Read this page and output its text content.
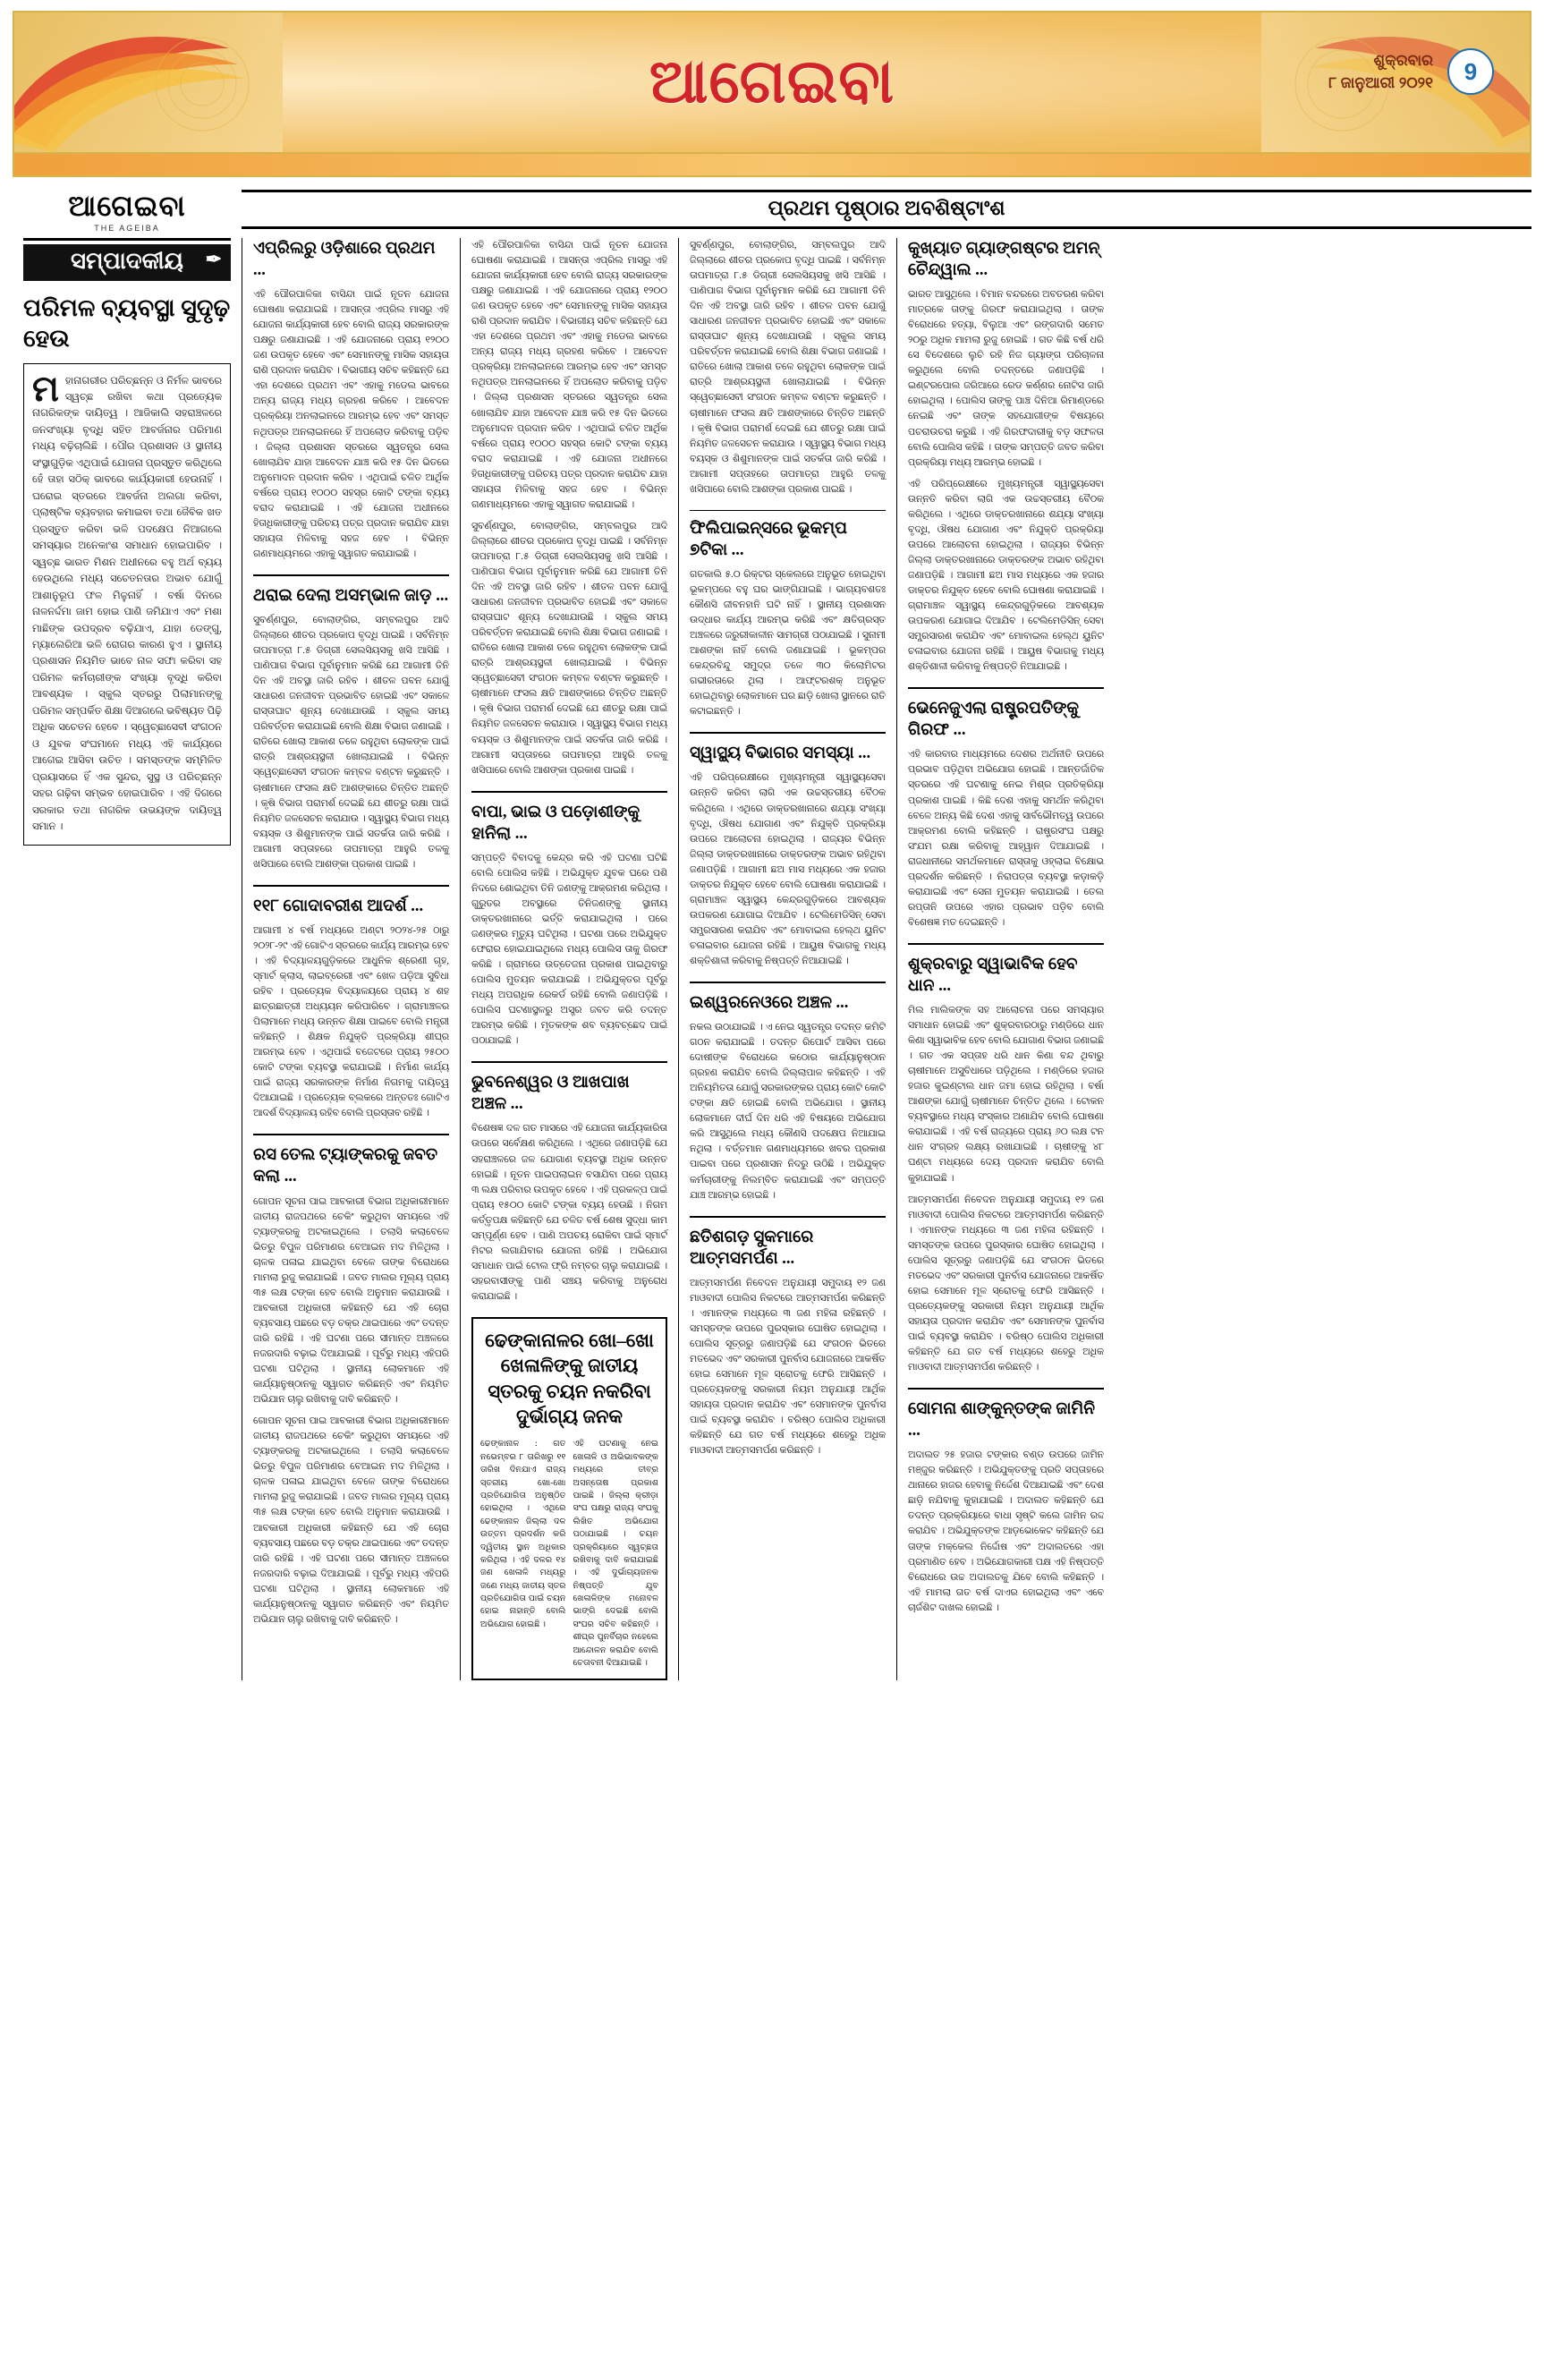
ଆଗେଇବା	ଶୁକ୍ରବାର
୮ ଜାନୁଆରୀ ୨୦୨୧	9
ଆଗେଇବା
THE AGEIBA
ସମ୍ପାଦକୀୟ ✒
ପରିମଳ ବ୍ୟବସ୍ଥା ସୁଦୃଢ଼ ହେଉ
ମହାନାଗରୀର ପରିଚ୍ଛନ୍ନ ଓ ନିର୍ମଳ ଭାବରେ ସ୍ୱଚ୍ଛ ରଖିବା କଥା ପ୍ରତ୍ୟେକ ନାଗରିକଙ୍କ ଦାୟିତ୍ୱ । ଆଜିକାଲି ସହରାଞ୍ଚଳରେ ଜନସଂଖ୍ୟା ବୃଦ୍ଧି ସହିତ ଆବର୍ଜନାର ପରିମାଣ ମଧ୍ୟ ବଢ଼ିଚାଲିଛି । ପୌର ପ୍ରଶାସନ ଓ ସ୍ଥାନୀୟ ସଂସ୍ଥାଗୁଡ଼ିକ ଏଥିପାଇଁ ଯୋଜନା ପ୍ରସ୍ତୁତ କରିଥିଲେ ହେଁ ତାହା ସଠିକ୍ ଭାବରେ କାର୍ଯ୍ୟକାରୀ ହେଉନାହିଁ । ଘରୋଇ ସ୍ତରରେ ଆବର୍ଜନା ଅଲଗା କରିବା, ପ୍ଲାଷ୍ଟିକ ବ୍ୟବହାର କମାଇବା ତଥା ଜୈବିକ ଖତ ପ୍ରସ୍ତୁତ କରିବା ଭଳି ପଦକ୍ଷେପ ନିଆଗଲେ ସମସ୍ୟାର ଅନେକାଂଶ ସମାଧାନ ହୋଇପାରିବ । ସ୍ୱଚ୍ଛ ଭାରତ ମିଶନ ଅଧୀନରେ ବହୁ ଅର୍ଥ ବ୍ୟୟ ହେଉଥିଲେ ମଧ୍ୟ ସଚେତନତାର ଅଭାବ ଯୋଗୁଁ ଆଶାନୁରୂପ ଫଳ ମିଳୁନାହିଁ । ବର୍ଷା ଦିନରେ ନାଳନର୍ଦ୍ଦମା ଜାମ ହୋଇ ପାଣି ଜମିଯାଏ ଏବଂ ମଶା ମାଛିଙ୍କ ଉପଦ୍ରବ ବଢ଼ିଯାଏ, ଯାହା ଡେଙ୍ଗୁ, ମ୍ୟାଲେରିଆ ଭଳି ରୋଗର କାରଣ ହୁଏ । ସ୍ଥାନୀୟ ପ୍ରଶାସନ ନିୟମିତ ଭାବେ ନାଳ ସଫା କରିବା ସହ ପରିମଳ କର୍ମଚାରୀଙ୍କ ସଂଖ୍ୟା ବୃଦ୍ଧି କରିବା ଆବଶ୍ୟକ । ସ୍କୁଲ ସ୍ତରରୁ ପିଲାମାନଙ୍କୁ ପରିମଳ ସମ୍ପର୍କିତ ଶିକ୍ଷା ଦିଆଗଲେ ଭବିଷ୍ୟତ ପିଢ଼ି ଅଧିକ ସଚେତନ ହେବେ । ସ୍ୱେଚ୍ଛାସେବୀ ସଂଗଠନ ଓ ଯୁବକ ସଂଘମାନେ ମଧ୍ୟ ଏହି କାର୍ଯ୍ୟରେ ଆଗେଇ ଆସିବା ଉଚିତ । ସମସ୍ତଙ୍କ ସମ୍ମିଳିତ ପ୍ରୟାସରେ ହିଁ ଏକ ସୁନ୍ଦର, ସୁସ୍ଥ ଓ ପରିଚ୍ଛନ୍ନ ସହର ଗଢ଼ିବା ସମ୍ଭବ ହୋଇପାରିବ । ଏହି ଦିଗରେ ସରକାର ତଥା ନାଗରିକ ଉଭୟଙ୍କ ଦାୟିତ୍ୱ ସମାନ ।
ପ୍ରଥମ ପୃଷ୍ଠାର ଅବଶିଷ୍ଟାଂଶ
ଏପ୍ରିଲରୁ ଓଡ଼ିଶାରେ ପ୍ରଥମ ...

ଏହି ପୌରପାଳିକା ବାସିନ୍ଦା ପାଇଁ ନୂତନ ଯୋଜନା ଘୋଷଣା କରାଯାଇଛି । ଆସନ୍ତା ଏପ୍ରିଲ ମାସରୁ ଏହି ଯୋଜନା କାର୍ଯ୍ୟକାରୀ ହେବ ବୋଲି ରାଜ୍ୟ ସରକାରଙ୍କ ପକ୍ଷରୁ ଜଣାଯାଇଛି । ଏହି ଯୋଜନାରେ ପ୍ରାୟ ୧୨୦୦ ଜଣ ଉପକୃତ ହେବେ ଏବଂ ସେମାନଙ୍କୁ ମାସିକ ସହାୟତା ରାଶି ପ୍ରଦାନ କରାଯିବ । ବିଭାଗୀୟ ସଚିବ କହିଛନ୍ତି ଯେ ଏହା ଦେଶରେ ପ୍ରଥମ ଏବଂ ଏହାକୁ ମଡେଲ ଭାବରେ ଅନ୍ୟ ରାଜ୍ୟ ମଧ୍ୟ ଗ୍ରହଣ କରିବେ । ଆବେଦନ ପ୍ରକ୍ରିୟା ଅନଲାଇନରେ ଆରମ୍ଭ ହେବ ଏବଂ ସମସ୍ତ ନଥିପତ୍ର ଅନଲାଇନରେ ହିଁ ଅପଲୋଡ କରିବାକୁ ପଡ଼ିବ । ଜିଲ୍ଲା ପ୍ରଶାସନ ସ୍ତରରେ ସ୍ୱତନ୍ତ୍ର ସେଲ ଖୋଲାଯିବ ଯାହା ଆବେଦନ ଯାଞ୍ଚ କରି ୧୫ ଦିନ ଭିତରେ ଅନୁମୋଦନ ପ୍ରଦାନ କରିବ । ଏଥିପାଇଁ ଚଳିତ ଆର୍ଥିକ ବର୍ଷରେ ପ୍ରାୟ ୧୦୦୦ ସହସ୍ର କୋଟି ଟଙ୍କା ବ୍ୟୟ ବରାଦ କରାଯାଇଛି । ଏହି ଯୋଜନା ଅଧୀନରେ ହିତାଧିକାରୀଙ୍କୁ ପରିଚୟ ପତ୍ର ପ୍ରଦାନ କରାଯିବ ଯାହା ସହାୟତା ମିଳିବାକୁ ସହଜ ହେବ । ବିଭିନ୍ନ ଗଣମାଧ୍ୟମରେ ଏହାକୁ ସ୍ୱାଗତ କରାଯାଇଛି ।

ଥରାଇ ଦେଲା ଅସମ୍ଭାଳ ଜାଡ଼ ...

ସୁବର୍ଣ୍ଣପୁର, ବୋଲାଙ୍ଗିର, ସମ୍ବଲପୁର ଆଦି ଜିଲ୍ଲାରେ ଶୀତର ପ୍ରକୋପ ବୃଦ୍ଧି ପାଇଛି । ସର୍ବନିମ୍ନ ତାପମାତ୍ରା ୮.୫ ଡିଗ୍ରୀ ସେଲସିୟସକୁ ଖସି ଆସିଛି । ପାଣିପାଗ ବିଭାଗ ପୂର୍ବାନୁମାନ କରିଛି ଯେ ଆଗାମୀ ତିନି ଦିନ ଏହି ଅବସ୍ଥା ଜାରି ରହିବ । ଶୀତଳ ପବନ ଯୋଗୁଁ ସାଧାରଣ ଜନଜୀବନ ପ୍ରଭାବିତ ହୋଇଛି ଏବଂ ସକାଳେ ରାସ୍ତାଘାଟ ଶୂନ୍ୟ ଦେଖାଯାଉଛି । ସ୍କୁଲ ସମୟ ପରିବର୍ତ୍ତନ କରାଯାଇଛି ବୋଲି ଶିକ୍ଷା ବିଭାଗ ଜଣାଇଛି । ରାତିରେ ଖୋଲା ଆକାଶ ତଳେ ରହୁଥିବା ଲୋକଙ୍କ ପାଇଁ ରାତ୍ରି ଆଶ୍ରୟସ୍ଥଳୀ ଖୋଲାଯାଇଛି । ବିଭିନ୍ନ ସ୍ୱେଚ୍ଛାସେବୀ ସଂଗଠନ କମ୍ବଳ ବଣ୍ଟନ କରୁଛନ୍ତି । ଚାଷୀମାନେ ଫସଲ କ୍ଷତି ଆଶଙ୍କାରେ ଚିନ୍ତିତ ଅଛନ୍ତି । କୃଷି ବିଭାଗ ପରାମର୍ଶ ଦେଇଛି ଯେ ଶୀତରୁ ରକ୍ଷା ପାଇଁ ନିୟମିତ ଜଳସେଚନ କରାଯାଉ । ସ୍ୱାସ୍ଥ୍ୟ ବିଭାଗ ମଧ୍ୟ ବୟସ୍କ ଓ ଶିଶୁମାନଙ୍କ ପାଇଁ ସତର୍କତା ଜାରି କରିଛି । ଆଗାମୀ ସପ୍ତାହରେ ତାପମାତ୍ରା ଆହୁରି ତଳକୁ ଖସିପାରେ ବୋଲି ଆଶଙ୍କା ପ୍ରକାଶ ପାଇଛି ।

୧୧୮ ଗୋଦାବରୀଶ ଆଦର୍ଶ ...

ଆଗାମୀ ୪ ବର୍ଷ ମଧ୍ୟରେ ଅଣ୍ଟା ୨୦୨୪-୨୫ ଠାରୁ ୨୦୨୮-୨୯ ଏହି ଗୋଟିଏ ସ୍ତରରେ କାର୍ଯ୍ୟ ଆରମ୍ଭ ହେବ । ଏହି ବିଦ୍ୟାଳୟଗୁଡ଼ିକରେ ଆଧୁନିକ ଶ୍ରେଣୀ ଗୃହ, ସ୍ମାର୍ଟ କ୍ଲାସ, ଲାଇବ୍ରେରୀ ଏବଂ ଖେଳ ପଡ଼ିଆ ସୁବିଧା ରହିବ । ପ୍ରତ୍ୟେକ ବିଦ୍ୟାଳୟରେ ପ୍ରାୟ ୪ ଶହ ଛାତ୍ରଛାତ୍ରୀ ଅଧ୍ୟୟନ କରିପାରିବେ । ଗ୍ରାମାଞ୍ଚଳର ପିଲାମାନେ ମଧ୍ୟ ଉନ୍ନତ ଶିକ୍ଷା ପାଇବେ ବୋଲି ମନ୍ତ୍ରୀ କହିଛନ୍ତି । ଶିକ୍ଷକ ନିଯୁକ୍ତି ପ୍ରକ୍ରିୟା ଶୀଘ୍ର ଆରମ୍ଭ ହେବ । ଏଥିପାଇଁ ବଜେଟରେ ପ୍ରାୟ ୨୫୦୦ କୋଟି ଟଙ୍କା ବ୍ୟବସ୍ଥା କରାଯାଇଛି । ନିର୍ମାଣ କାର୍ଯ୍ୟ ପାଇଁ ରାଜ୍ୟ ସରକାରଙ୍କ ନିର୍ମାଣ ନିଗମକୁ ଦାୟିତ୍ୱ ଦିଆଯାଇଛି । ପ୍ରତ୍ୟେକ ବ୍ଲକରେ ଅନ୍ତତଃ ଗୋଟିଏ ଆଦର୍ଶ ବିଦ୍ୟାଳୟ ରହିବ ବୋଲି ପ୍ରସ୍ତାବ ରହିଛି ।

ରସ ତେଲ ଟ୍ୟାଙ୍କରକୁ ଜବତ କଲା ...

ଗୋପନ ସୂଚନା ପାଇ ଆବକାରୀ ବିଭାଗ ଅଧିକାରୀମାନେ ଜାତୀୟ ରାଜପଥରେ ଚେକିଂ କରୁଥିବା ସମୟରେ ଏହି ଟ୍ୟାଙ୍କରକୁ ଅଟକାଇଥିଲେ । ତଲାସି କଲାବେଳେ ଭିତରୁ ବିପୁଳ ପରିମାଣର ବେଆଇନ ମଦ ମିଳିଥିଲା । ଚାଳକ ପଳାଇ ଯାଇଥିବା ବେଳେ ତାଙ୍କ ବିରୋଧରେ ମାମଲା ରୁଜୁ କରାଯାଇଛି । ଜବତ ମାଲର ମୂଲ୍ୟ ପ୍ରାୟ ୩୫ ଲକ୍ଷ ଟଙ୍କା ହେବ ବୋଲି ଅନୁମାନ କରାଯାଉଛି । ଆବକାରୀ ଅଧିକାରୀ କହିଛନ୍ତି ଯେ ଏହି ଚୋରା ବ୍ୟବସାୟ ପଛରେ ବଡ଼ ଚକ୍ର ଥାଇପାରେ ଏବଂ ତଦନ୍ତ ଜାରି ରହିଛି । ଏହି ଘଟଣା ପରେ ସୀମାନ୍ତ ଅଞ୍ଚଳରେ ନଜରଦାରି ବଢ଼ାଇ ଦିଆଯାଇଛି । ପୂର୍ବରୁ ମଧ୍ୟ ଏହିପରି ଘଟଣା ଘଟିଥିଲା । ସ୍ଥାନୀୟ ଲୋକମାନେ ଏହି କାର୍ଯ୍ୟାନୁଷ୍ଠାନକୁ ସ୍ୱାଗତ କରିଛନ୍ତି ଏବଂ ନିୟମିତ ଅଭିଯାନ ଚାଲୁ ରଖିବାକୁ ଦାବି କରିଛନ୍ତି ।

ଗୋପନ ସୂଚନା ପାଇ ଆବକାରୀ ବିଭାଗ ଅଧିକାରୀମାନେ ଜାତୀୟ ରାଜପଥରେ ଚେକିଂ କରୁଥିବା ସମୟରେ ଏହି ଟ୍ୟାଙ୍କରକୁ ଅଟକାଇଥିଲେ । ତଲାସି କଲାବେଳେ ଭିତରୁ ବିପୁଳ ପରିମାଣର ବେଆଇନ ମଦ ମିଳିଥିଲା । ଚାଳକ ପଳାଇ ଯାଇଥିବା ବେଳେ ତାଙ୍କ ବିରୋଧରେ ମାମଲା ରୁଜୁ କରାଯାଇଛି । ଜବତ ମାଲର ମୂଲ୍ୟ ପ୍ରାୟ ୩୫ ଲକ୍ଷ ଟଙ୍କା ହେବ ବୋଲି ଅନୁମାନ କରାଯାଉଛି । ଆବକାରୀ ଅଧିକାରୀ କହିଛନ୍ତି ଯେ ଏହି ଚୋରା ବ୍ୟବସାୟ ପଛରେ ବଡ଼ ଚକ୍ର ଥାଇପାରେ ଏବଂ ତଦନ୍ତ ଜାରି ରହିଛି । ଏହି ଘଟଣା ପରେ ସୀମାନ୍ତ ଅଞ୍ଚଳରେ ନଜରଦାରି ବଢ଼ାଇ ଦିଆଯାଇଛି । ପୂର୍ବରୁ ମଧ୍ୟ ଏହିପରି ଘଟଣା ଘଟିଥିଲା । ସ୍ଥାନୀୟ ଲୋକମାନେ ଏହି କାର୍ଯ୍ୟାନୁଷ୍ଠାନକୁ ସ୍ୱାଗତ କରିଛନ୍ତି ଏବଂ ନିୟମିତ ଅଭିଯାନ ଚାଲୁ ରଖିବାକୁ ଦାବି କରିଛନ୍ତି ।

ଏହି ପୌରପାଳିକା ବାସିନ୍ଦା ପାଇଁ ନୂତନ ଯୋଜନା ଘୋଷଣା କରାଯାଇଛି । ଆସନ୍ତା ଏପ୍ରିଲ ମାସରୁ ଏହି ଯୋଜନା କାର୍ଯ୍ୟକାରୀ ହେବ ବୋଲି ରାଜ୍ୟ ସରକାରଙ୍କ ପକ୍ଷରୁ ଜଣାଯାଇଛି । ଏହି ଯୋଜନାରେ ପ୍ରାୟ ୧୨୦୦ ଜଣ ଉପକୃତ ହେବେ ଏବଂ ସେମାନଙ୍କୁ ମାସିକ ସହାୟତା ରାଶି ପ୍ରଦାନ କରାଯିବ । ବିଭାଗୀୟ ସଚିବ କହିଛନ୍ତି ଯେ ଏହା ଦେଶରେ ପ୍ରଥମ ଏବଂ ଏହାକୁ ମଡେଲ ଭାବରେ ଅନ୍ୟ ରାଜ୍ୟ ମଧ୍ୟ ଗ୍ରହଣ କରିବେ । ଆବେଦନ ପ୍ରକ୍ରିୟା ଅନଲାଇନରେ ଆରମ୍ଭ ହେବ ଏବଂ ସମସ୍ତ ନଥିପତ୍ର ଅନଲାଇନରେ ହିଁ ଅପଲୋଡ କରିବାକୁ ପଡ଼ିବ । ଜିଲ୍ଲା ପ୍ରଶାସନ ସ୍ତରରେ ସ୍ୱତନ୍ତ୍ର ସେଲ ଖୋଲାଯିବ ଯାହା ଆବେଦନ ଯାଞ୍ଚ କରି ୧୫ ଦିନ ଭିତରେ ଅନୁମୋଦନ ପ୍ରଦାନ କରିବ । ଏଥିପାଇଁ ଚଳିତ ଆର୍ଥିକ ବର୍ଷରେ ପ୍ରାୟ ୧୦୦୦ ସହସ୍ର କୋଟି ଟଙ୍କା ବ୍ୟୟ ବରାଦ କରାଯାଇଛି । ଏହି ଯୋଜନା ଅଧୀନରେ ହିତାଧିକାରୀଙ୍କୁ ପରିଚୟ ପତ୍ର ପ୍ରଦାନ କରାଯିବ ଯାହା ସହାୟତା ମିଳିବାକୁ ସହଜ ହେବ । ବିଭିନ୍ନ ଗଣମାଧ୍ୟମରେ ଏହାକୁ ସ୍ୱାଗତ କରାଯାଇଛି ।

ସୁବର୍ଣ୍ଣପୁର, ବୋଲାଙ୍ଗିର, ସମ୍ବଲପୁର ଆଦି ଜିଲ୍ଲାରେ ଶୀତର ପ୍ରକୋପ ବୃଦ୍ଧି ପାଇଛି । ସର୍ବନିମ୍ନ ତାପମାତ୍ରା ୮.୫ ଡିଗ୍ରୀ ସେଲସିୟସକୁ ଖସି ଆସିଛି । ପାଣିପାଗ ବିଭାଗ ପୂର୍ବାନୁମାନ କରିଛି ଯେ ଆଗାମୀ ତିନି ଦିନ ଏହି ଅବସ୍ଥା ଜାରି ରହିବ । ଶୀତଳ ପବନ ଯୋଗୁଁ ସାଧାରଣ ଜନଜୀବନ ପ୍ରଭାବିତ ହୋଇଛି ଏବଂ ସକାଳେ ରାସ୍ତାଘାଟ ଶୂନ୍ୟ ଦେଖାଯାଉଛି । ସ୍କୁଲ ସମୟ ପରିବର୍ତ୍ତନ କରାଯାଇଛି ବୋଲି ଶିକ୍ଷା ବିଭାଗ ଜଣାଇଛି । ରାତିରେ ଖୋଲା ଆକାଶ ତଳେ ରହୁଥିବା ଲୋକଙ୍କ ପାଇଁ ରାତ୍ରି ଆଶ୍ରୟସ୍ଥଳୀ ଖୋଲାଯାଇଛି । ବିଭିନ୍ନ ସ୍ୱେଚ୍ଛାସେବୀ ସଂଗଠନ କମ୍ବଳ ବଣ୍ଟନ କରୁଛନ୍ତି । ଚାଷୀମାନେ ଫସଲ କ୍ଷତି ଆଶଙ୍କାରେ ଚିନ୍ତିତ ଅଛନ୍ତି । କୃଷି ବିଭାଗ ପରାମର୍ଶ ଦେଇଛି ଯେ ଶୀତରୁ ରକ୍ଷା ପାଇଁ ନିୟମିତ ଜଳସେଚନ କରାଯାଉ । ସ୍ୱାସ୍ଥ୍ୟ ବିଭାଗ ମଧ୍ୟ ବୟସ୍କ ଓ ଶିଶୁମାନଙ୍କ ପାଇଁ ସତର୍କତା ଜାରି କରିଛି । ଆଗାମୀ ସପ୍ତାହରେ ତାପମାତ୍ରା ଆହୁରି ତଳକୁ ଖସିପାରେ ବୋଲି ଆଶଙ୍କା ପ୍ରକାଶ ପାଇଛି ।

ବାପା, ଭାଇ ଓ ପଡ଼ୋଶୀଙ୍କୁ ହାନିଲା ...

ସମ୍ପତ୍ତି ବିବାଦକୁ କେନ୍ଦ୍ର କରି ଏହି ଘଟଣା ଘଟିଛି ବୋଲି ପୋଲିସ କହିଛି । ଅଭିଯୁକ୍ତ ଯୁବକ ଘରେ ପଶି ନିଦରେ ଶୋଇଥିବା ତିନି ଜଣଙ୍କୁ ଆକ୍ରମଣ କରିଥିଲା । ଗୁରୁତର ଅବସ୍ଥାରେ ତିନିଜଣଙ୍କୁ ସ୍ଥାନୀୟ ଡାକ୍ତରଖାନାରେ ଭର୍ତ୍ତି କରାଯାଇଥିଲା । ପରେ ଜଣଙ୍କର ମୃତ୍ୟୁ ଘଟିଥିଲା । ଘଟଣା ପରେ ଅଭିଯୁକ୍ତ ଫେରାର ହୋଇଯାଇଥିଲେ ମଧ୍ୟ ପୋଲିସ ତାକୁ ଗିରଫ କରିଛି । ଗ୍ରାମରେ ଉତ୍ତେଜନା ପ୍ରକାଶ ପାଇଥିବାରୁ ପୋଲିସ ମୁତୟନ କରାଯାଇଛି । ଅଭିଯୁକ୍ତର ପୂର୍ବରୁ ମଧ୍ୟ ଅପରାଧିକ ରେକର୍ଡ ରହିଛି ବୋଲି ଜଣାପଡ଼ିଛି । ପୋଲିସ ଘଟଣାସ୍ଥଳରୁ ଅସ୍ତ୍ର ଜବତ କରି ତଦନ୍ତ ଆରମ୍ଭ କରିଛି । ମୃତକଙ୍କ ଶବ ବ୍ୟବଚ୍ଛେଦ ପାଇଁ ପଠାଯାଇଛି ।

ଭୁବନେଶ୍ୱର ଓ ଆଖପାଖ ଅଞ୍ଚଳ ...

ବିଶେଷଜ୍ଞ ଦଳ ଗତ ମାସରେ ଏହି ଯୋଜନା କାର୍ଯ୍ୟକାରିତା ଉପରେ ସର୍ବେକ୍ଷଣ କରିଥିଲେ । ଏଥିରେ ଜଣାପଡ଼ିଛି ଯେ ସହରାଞ୍ଚଳରେ ଜଳ ଯୋଗାଣ ବ୍ୟବସ୍ଥା ଅଧିକ ଉନ୍ନତ ହୋଇଛି । ନୂତନ ପାଇପଲାଇନ ବସାଯିବା ପରେ ପ୍ରାୟ ୩ ଲକ୍ଷ ପରିବାର ଉପକୃତ ହେବେ । ଏହି ପ୍ରକଳ୍ପ ପାଇଁ ପ୍ରାୟ ୧୫୦୦ କୋଟି ଟଙ୍କା ବ୍ୟୟ ହେଉଛି । ନିଗମ କର୍ତ୍ତୃପକ୍ଷ କହିଛନ୍ତି ଯେ ଚଳିତ ବର୍ଷ ଶେଷ ସୁଦ୍ଧା କାମ ସମ୍ପୂର୍ଣ୍ଣ ହେବ । ପାଣି ଅପଚୟ ରୋକିବା ପାଇଁ ସ୍ମାର୍ଟ ମିଟର ଲଗାଯିବାର ଯୋଜନା ରହିଛି । ଅଭିଯୋଗ ସମାଧାନ ପାଇଁ ଟୋଲ ଫ୍ରି ନମ୍ବର ଚାଲୁ କରାଯାଇଛି । ସହରବାସୀଙ୍କୁ ପାଣି ସଞ୍ଚୟ କରିବାକୁ ଅନୁରୋଧ କରାଯାଇଛି ।

ଢେଙ୍କାନାଳର ଖୋ–ଖୋ ଖେଳାଳିଙ୍କୁ ଜାତୀୟ ସ୍ତରକୁ ଚୟନ ନକରିବା ଦୁର୍ଭାଗ୍ୟ ଜନକ

ଢେଙ୍କାନାଳ : ଗତ ନଭେମ୍ବର ୮ ତାରିଖରୁ ୧୧ ତାରିଖ ଦିନଯାଏ ରାଜ୍ୟ ସ୍ତରୀୟ ଖୋ-ଖୋ ପ୍ରତିଯୋଗିତା ଅନୁଷ୍ଠିତ ହୋଇଥିଲା । ଏଥିରେ ଢେଙ୍କାନାଳ ଜିଲ୍ଲା ଦଳ ଉତ୍ତମ ପ୍ରଦର୍ଶନ କରି ଦ୍ୱିତୀୟ ସ୍ଥାନ ଅଧିକାର କରିଥିଲା । ଏହି ଦଳର ୧୪ ଜଣ ଖେଳାଳି ମଧ୍ୟରୁ ଜଣେ ମଧ୍ୟ ଜାତୀୟ ସ୍ତର ପ୍ରତିଯୋଗିତା ପାଇଁ ଚୟନ ହୋଇ ନାହାନ୍ତି ବୋଲି ଅଭିଯୋଗ ହୋଇଛି ।

ଏହି ଘଟଣାକୁ ନେଇ ଖେଳାଳି ଓ ଅଭିଭାବକଙ୍କ ମଧ୍ୟରେ ତୀବ୍ର ଅସନ୍ତୋଷ ପ୍ରକାଶ ପାଇଛି । ଜିଲ୍ଲା କ୍ରୀଡ଼ା ସଂଘ ପକ୍ଷରୁ ରାଜ୍ୟ ସଂଘକୁ ଲିଖିତ ଅଭିଯୋଗ ପଠାଯାଇଛି । ଚୟନ ପ୍ରକ୍ରିୟାରେ ସ୍ୱଚ୍ଛତା ରଖିବାକୁ ଦାବି କରାଯାଇଛି । ଏହି ଦୁର୍ଭାଗ୍ୟଜନକ ନିଷ୍ପତ୍ତି ଯୁବ ଖେଳାଳିଙ୍କ ମନୋବଳ ଭାଙ୍ଗି ଦେଇଛି ବୋଲି ସଂଘର ସଚିବ କହିଛନ୍ତି । ଶୀଘ୍ର ପୁନର୍ବିଚାର ନହେଲେ ଆନ୍ଦୋଳନ କରାଯିବ ବୋଲି ଚେତାବନୀ ଦିଆଯାଇଛି ।

ସୁବର୍ଣ୍ଣପୁର, ବୋଲାଙ୍ଗିର, ସମ୍ବଲପୁର ଆଦି ଜିଲ୍ଲାରେ ଶୀତର ପ୍ରକୋପ ବୃଦ୍ଧି ପାଇଛି । ସର୍ବନିମ୍ନ ତାପମାତ୍ରା ୮.୫ ଡିଗ୍ରୀ ସେଲସିୟସକୁ ଖସି ଆସିଛି । ପାଣିପାଗ ବିଭାଗ ପୂର୍ବାନୁମାନ କରିଛି ଯେ ଆଗାମୀ ତିନି ଦିନ ଏହି ଅବସ୍ଥା ଜାରି ରହିବ । ଶୀତଳ ପବନ ଯୋଗୁଁ ସାଧାରଣ ଜନଜୀବନ ପ୍ରଭାବିତ ହୋଇଛି ଏବଂ ସକାଳେ ରାସ୍ତାଘାଟ ଶୂନ୍ୟ ଦେଖାଯାଉଛି । ସ୍କୁଲ ସମୟ ପରିବର୍ତ୍ତନ କରାଯାଇଛି ବୋଲି ଶିକ୍ଷା ବିଭାଗ ଜଣାଇଛି । ରାତିରେ ଖୋଲା ଆକାଶ ତଳେ ରହୁଥିବା ଲୋକଙ୍କ ପାଇଁ ରାତ୍ରି ଆଶ୍ରୟସ୍ଥଳୀ ଖୋଲାଯାଇଛି । ବିଭିନ୍ନ ସ୍ୱେଚ୍ଛାସେବୀ ସଂଗଠନ କମ୍ବଳ ବଣ୍ଟନ କରୁଛନ୍ତି । ଚାଷୀମାନେ ଫସଲ କ୍ଷତି ଆଶଙ୍କାରେ ଚିନ୍ତିତ ଅଛନ୍ତି । କୃଷି ବିଭାଗ ପରାମର୍ଶ ଦେଇଛି ଯେ ଶୀତରୁ ରକ୍ଷା ପାଇଁ ନିୟମିତ ଜଳସେଚନ କରାଯାଉ । ସ୍ୱାସ୍ଥ୍ୟ ବିଭାଗ ମଧ୍ୟ ବୟସ୍କ ଓ ଶିଶୁମାନଙ୍କ ପାଇଁ ସତର୍କତା ଜାରି କରିଛି । ଆଗାମୀ ସପ୍ତାହରେ ତାପମାତ୍ରା ଆହୁରି ତଳକୁ ଖସିପାରେ ବୋଲି ଆଶଙ୍କା ପ୍ରକାଶ ପାଇଛି ।

ଫିଲିପାଇନ୍ସରେ ଭୂକମ୍ପ ୭ଟିକା ...

ଗତକାଲି ୫.୦ ରିକ୍ଟର ସ୍କେଲରେ ଅନୁଭୂତ ହୋଇଥିବା ଭୂକମ୍ପରେ ବହୁ ଘର ଭାଙ୍ଗିଯାଇଛି । ଭାଗ୍ୟବଶତଃ କୌଣସି ଜୀବନହାନି ଘଟି ନାହିଁ । ସ୍ଥାନୀୟ ପ୍ରଶାସନ ଉଦ୍ଧାର କାର୍ଯ୍ୟ ଆରମ୍ଭ କରିଛି ଏବଂ କ୍ଷତିଗ୍ରସ୍ତ ଅଞ୍ଚଳରେ ଜରୁରୀକାଳୀନ ସାମଗ୍ରୀ ପଠାଯାଇଛି । ସୁନାମୀ ଆଶଙ୍କା ନାହିଁ ବୋଲି ଜଣାଯାଇଛି । ଭୂକମ୍ପର କେନ୍ଦ୍ରବିନ୍ଦୁ ସମୁଦ୍ର ତଳେ ୩୦ କିଲୋମିଟର ଗଭୀରତାରେ ଥିଲା । ଆଫ୍ଟରଶକ୍ ଅନୁଭୂତ ହୋଇଥିବାରୁ ଲୋକମାନେ ଘର ଛାଡ଼ି ଖୋଲା ସ୍ଥାନରେ ରାତି କଟାଇଛନ୍ତି ।

ସ୍ୱାସ୍ଥ୍ୟ ବିଭାଗର ସମସ୍ୟା ...

ଏହି ପରିପ୍ରେକ୍ଷୀରେ ମୁଖ୍ୟମନ୍ତ୍ରୀ ସ୍ୱାସ୍ଥ୍ୟସେବା ଉନ୍ନତି କରିବା ଲାଗି ଏକ ଉଚ୍ଚସ୍ତରୀୟ ବୈଠକ କରିଥିଲେ । ଏଥିରେ ଡାକ୍ତରଖାନାରେ ଶଯ୍ୟା ସଂଖ୍ୟା ବୃଦ୍ଧି, ଔଷଧ ଯୋଗାଣ ଏବଂ ନିଯୁକ୍ତି ପ୍ରକ୍ରିୟା ଉପରେ ଆଲୋଚନା ହୋଇଥିଲା । ରାଜ୍ୟର ବିଭିନ୍ନ ଜିଲ୍ଲା ଡାକ୍ତରଖାନାରେ ଡାକ୍ତରଙ୍କ ଅଭାବ ରହିଥିବା ଜଣାପଡ଼ିଛି । ଆଗାମୀ ଛଅ ମାସ ମଧ୍ୟରେ ଏକ ହଜାର ଡାକ୍ତର ନିଯୁକ୍ତ ହେବେ ବୋଲି ଘୋଷଣା କରାଯାଇଛି । ଗ୍ରାମାଞ୍ଚଳ ସ୍ୱାସ୍ଥ୍ୟ କେନ୍ଦ୍ରଗୁଡ଼ିକରେ ଆବଶ୍ୟକ ଉପକରଣ ଯୋଗାଇ ଦିଆଯିବ । ଟେଲିମେଡିସିନ୍ ସେବା ସମ୍ପ୍ରସାରଣ କରାଯିବ ଏବଂ ମୋବାଇଲ ହେଲ୍ଥ ୟୁନିଟ ଚଳାଇବାର ଯୋଜନା ରହିଛି । ଆୟୁଷ ବିଭାଗକୁ ମଧ୍ୟ ଶକ୍ତିଶାଳୀ କରିବାକୁ ନିଷ୍ପତ୍ତି ନିଆଯାଇଛି ।

ଇଶ୍ୱରନେଓରେ ଅଞ୍ଚଳ ...

ନକଲ ଉଠାଯାଇଛି । ଏ ନେଇ ସ୍ୱତନ୍ତ୍ର ତଦନ୍ତ କମିଟି ଗଠନ କରାଯାଇଛି । ତଦନ୍ତ ରିପୋର୍ଟ ଆସିବା ପରେ ଦୋଷୀଙ୍କ ବିରୋଧରେ କଠୋର କାର୍ଯ୍ୟାନୁଷ୍ଠାନ ଗ୍ରହଣ କରାଯିବ ବୋଲି ଜିଲ୍ଲାପାଳ କହିଛନ୍ତି । ଏହି ଅନିୟମିତତା ଯୋଗୁଁ ସରକାରଙ୍କର ପ୍ରାୟ କୋଟି କୋଟି ଟଙ୍କା କ୍ଷତି ହୋଇଛି ବୋଲି ଅଭିଯୋଗ । ସ୍ଥାନୀୟ ଲୋକମାନେ ଦୀର୍ଘ ଦିନ ଧରି ଏହି ବିଷୟରେ ଅଭିଯୋଗ କରି ଆସୁଥିଲେ ମଧ୍ୟ କୌଣସି ପଦକ୍ଷେପ ନିଆଯାଇ ନଥିଲା । ବର୍ତ୍ତମାନ ଗଣମାଧ୍ୟମରେ ଖବର ପ୍ରକାଶ ପାଇବା ପରେ ପ୍ରଶାସନ ନିଦରୁ ଉଠିଛି । ଅଭିଯୁକ୍ତ କର୍ମଚାରୀଙ୍କୁ ନିଲମ୍ବିତ କରାଯାଇଛି ଏବଂ ସମ୍ପତ୍ତି ଯାଞ୍ଚ ଆରମ୍ଭ ହୋଇଛି ।

ଛତିଶଗଡ଼ ସୁକମାରେ ଆତ୍ମସମର୍ପଣ ...

ଆତ୍ମସମର୍ପଣ ନିବେଦନ ଅନୁଯାୟୀ ସମୁଦାୟ ୧୨ ଜଣ ମାଓବାଦୀ ପୋଲିସ ନିକଟରେ ଆତ୍ମସମର୍ପଣ କରିଛନ୍ତି । ଏମାନଙ୍କ ମଧ୍ୟରେ ୩ ଜଣ ମହିଳା ରହିଛନ୍ତି । ସମସ୍ତଙ୍କ ଉପରେ ପୁରସ୍କାର ଘୋଷିତ ହୋଇଥିଲା । ପୋଲିସ ସୂତ୍ରରୁ ଜଣାପଡ଼ିଛି ଯେ ସଂଗଠନ ଭିତରେ ମତଭେଦ ଏବଂ ସରକାରୀ ପୁନର୍ବାସ ଯୋଜନାରେ ଆକର୍ଷିତ ହୋଇ ସେମାନେ ମୂଳ ସ୍ରୋତକୁ ଫେରି ଆସିଛନ୍ତି । ପ୍ରତ୍ୟେକଙ୍କୁ ସରକାରୀ ନିୟମ ଅନୁଯାୟୀ ଆର୍ଥିକ ସହାୟତା ପ୍ରଦାନ କରାଯିବ ଏବଂ ସେମାନଙ୍କ ପୁନର୍ବାସ ପାଇଁ ବ୍ୟବସ୍ଥା କରାଯିବ । ବରିଷ୍ଠ ପୋଲିସ ଅଧିକାରୀ କହିଛନ୍ତି ଯେ ଗତ ବର୍ଷ ମଧ୍ୟରେ ଶହେରୁ ଅଧିକ ମାଓବାଦୀ ଆତ୍ମସମର୍ପଣ କରିଛନ୍ତି ।

କୁଖ୍ୟାତ ଗ୍ୟାଙ୍ଗଷ୍ଟର ଅମନ୍ ଚୈନ୍ଦ୍ୱାଲ ...

ଭାରତ ଆସୁଥିଲେ । ବିମାନ ବନ୍ଦରରେ ଅବତରଣ କରିବା ମାତ୍ରକେ ତାଙ୍କୁ ଗିରଫ କରାଯାଇଥିଲା । ତାଙ୍କ ବିରୋଧରେ ହତ୍ୟା, ବିଲୁଆ ଏବଂ ରଙ୍ଗଦାରି ସମେତ ୨୦ରୁ ଅଧିକ ମାମଲା ରୁଜୁ ହୋଇଛି । ଗତ କିଛି ବର୍ଷ ଧରି ସେ ବିଦେଶରେ ଲୁଚି ରହି ନିଜ ଗ୍ୟାଙ୍ଗ ପରିଚାଳନା କରୁଥିଲେ ବୋଲି ତଦନ୍ତରେ ଜଣାପଡ଼ିଛି । ଇଣ୍ଟରପୋଲ ଜରିଆରେ ରେଡ କର୍ଣ୍ଣର ନୋଟିସ ଜାରି ହୋଇଥିଲା । ପୋଲିସ ତାଙ୍କୁ ପାଞ୍ଚ ଦିନିଆ ରିମାଣ୍ଡରେ ନେଇଛି ଏବଂ ତାଙ୍କ ସହଯୋଗୀଙ୍କ ବିଷୟରେ ପଚରାଉଚରା କରୁଛି । ଏହି ଗିରଫଦାରୀକୁ ବଡ଼ ସଫଳତା ବୋଲି ପୋଲିସ କହିଛି । ତାଙ୍କ ସମ୍ପତ୍ତି ଜବତ କରିବା ପ୍ରକ୍ରିୟା ମଧ୍ୟ ଆରମ୍ଭ ହୋଇଛି ।

ଏହି ପରିପ୍ରେକ୍ଷୀରେ ମୁଖ୍ୟମନ୍ତ୍ରୀ ସ୍ୱାସ୍ଥ୍ୟସେବା ଉନ୍ନତି କରିବା ଲାଗି ଏକ ଉଚ୍ଚସ୍ତରୀୟ ବୈଠକ କରିଥିଲେ । ଏଥିରେ ଡାକ୍ତରଖାନାରେ ଶଯ୍ୟା ସଂଖ୍ୟା ବୃଦ୍ଧି, ଔଷଧ ଯୋଗାଣ ଏବଂ ନିଯୁକ୍ତି ପ୍ରକ୍ରିୟା ଉପରେ ଆଲୋଚନା ହୋଇଥିଲା । ରାଜ୍ୟର ବିଭିନ୍ନ ଜିଲ୍ଲା ଡାକ୍ତରଖାନାରେ ଡାକ୍ତରଙ୍କ ଅଭାବ ରହିଥିବା ଜଣାପଡ଼ିଛି । ଆଗାମୀ ଛଅ ମାସ ମଧ୍ୟରେ ଏକ ହଜାର ଡାକ୍ତର ନିଯୁକ୍ତ ହେବେ ବୋଲି ଘୋଷଣା କରାଯାଇଛି । ଗ୍ରାମାଞ୍ଚଳ ସ୍ୱାସ୍ଥ୍ୟ କେନ୍ଦ୍ରଗୁଡ଼ିକରେ ଆବଶ୍ୟକ ଉପକରଣ ଯୋଗାଇ ଦିଆଯିବ । ଟେଲିମେଡିସିନ୍ ସେବା ସମ୍ପ୍ରସାରଣ କରାଯିବ ଏବଂ ମୋବାଇଲ ହେଲ୍ଥ ୟୁନିଟ ଚଳାଇବାର ଯୋଜନା ରହିଛି । ଆୟୁଷ ବିଭାଗକୁ ମଧ୍ୟ ଶକ୍ତିଶାଳୀ କରିବାକୁ ନିଷ୍ପତ୍ତି ନିଆଯାଇଛି ।

ଭେନେଜୁଏଲା ରାଷ୍ଟ୍ରପତିଙ୍କୁ ଗିରଫ ...

ଏହି କାରବାର ମାଧ୍ୟମରେ ଦେଶର ଅର୍ଥନୀତି ଉପରେ ପ୍ରଭାବ ପଡ଼ିଥିବା ଅଭିଯୋଗ ହୋଇଛି । ଆନ୍ତର୍ଜାତିକ ସ୍ତରରେ ଏହି ଘଟଣାକୁ ନେଇ ମିଶ୍ର ପ୍ରତିକ୍ରିୟା ପ୍ରକାଶ ପାଇଛି । କିଛି ଦେଶ ଏହାକୁ ସମର୍ଥନ କରିଥିବା ବେଳେ ଅନ୍ୟ କିଛି ଦେଶ ଏହାକୁ ସାର୍ବଭୌମତ୍ୱ ଉପରେ ଆକ୍ରମଣ ବୋଲି କହିଛନ୍ତି । ରାଷ୍ଟ୍ରସଂଘ ପକ୍ଷରୁ ସଂଯମ ରକ୍ଷା କରିବାକୁ ଆହ୍ୱାନ ଦିଆଯାଇଛି । ରାଜଧାନୀରେ ସମର୍ଥକମାନେ ରାସ୍ତାକୁ ଓହ୍ଲାଇ ବିକ୍ଷୋଭ ପ୍ରଦର୍ଶନ କରିଛନ୍ତି । ନିରାପତ୍ତା ବ୍ୟବସ୍ଥା କଡ଼ାକଡ଼ି କରାଯାଇଛି ଏବଂ ସେନା ମୁତୟନ କରାଯାଇଛି । ତେଲ ରପ୍ତାନି ଉପରେ ଏହାର ପ୍ରଭାବ ପଡ଼ିବ ବୋଲି ବିଶେଷଜ୍ଞ ମତ ଦେଇଛନ୍ତି ।

ଶୁକ୍ରବାରୁ ସ୍ୱାଭାବିକ ହେବ ଧାନ ...

ମିଲ ମାଲିକଙ୍କ ସହ ଆଲୋଚନା ପରେ ସମସ୍ୟାର ସମାଧାନ ହୋଇଛି ଏବଂ ଶୁକ୍ରବାରଠାରୁ ମଣ୍ଡିରେ ଧାନ କିଣା ସ୍ୱାଭାବିକ ହେବ ବୋଲି ଯୋଗାଣ ବିଭାଗ ଜଣାଇଛି । ଗତ ଏକ ସପ୍ତାହ ଧରି ଧାନ କିଣା ବନ୍ଦ ଥିବାରୁ ଚାଷୀମାନେ ଅସୁବିଧାରେ ପଡ଼ିଥିଲେ । ମଣ୍ଡିରେ ହଜାର ହଜାର କୁଇଣ୍ଟାଲ ଧାନ ଜମା ହୋଇ ରହିଥିଲା । ବର୍ଷା ଆଶଙ୍କା ଯୋଗୁଁ ଚାଷୀମାନେ ଚିନ୍ତିତ ଥିଲେ । ଟୋକନ ବ୍ୟବସ୍ଥାରେ ମଧ୍ୟ ସଂସ୍କାର ଅଣାଯିବ ବୋଲି ଘୋଷଣା କରାଯାଇଛି । ଏହି ବର୍ଷ ରାଜ୍ୟରେ ପ୍ରାୟ ୬୦ ଲକ୍ଷ ଟନ ଧାନ ସଂଗ୍ରହ ଲକ୍ଷ୍ୟ ରଖାଯାଇଛି । ଚାଷୀଙ୍କୁ ୪୮ ଘଣ୍ଟା ମଧ୍ୟରେ ଦେୟ ପ୍ରଦାନ କରାଯିବ ବୋଲି କୁହାଯାଇଛି ।

ଆତ୍ମସମର୍ପଣ ନିବେଦନ ଅନୁଯାୟୀ ସମୁଦାୟ ୧୨ ଜଣ ମାଓବାଦୀ ପୋଲିସ ନିକଟରେ ଆତ୍ମସମର୍ପଣ କରିଛନ୍ତି । ଏମାନଙ୍କ ମଧ୍ୟରେ ୩ ଜଣ ମହିଳା ରହିଛନ୍ତି । ସମସ୍ତଙ୍କ ଉପରେ ପୁରସ୍କାର ଘୋଷିତ ହୋଇଥିଲା । ପୋଲିସ ସୂତ୍ରରୁ ଜଣାପଡ଼ିଛି ଯେ ସଂଗଠନ ଭିତରେ ମତଭେଦ ଏବଂ ସରକାରୀ ପୁନର୍ବାସ ଯୋଜନାରେ ଆକର୍ଷିତ ହୋଇ ସେମାନେ ମୂଳ ସ୍ରୋତକୁ ଫେରି ଆସିଛନ୍ତି । ପ୍ରତ୍ୟେକଙ୍କୁ ସରକାରୀ ନିୟମ ଅନୁଯାୟୀ ଆର୍ଥିକ ସହାୟତା ପ୍ରଦାନ କରାଯିବ ଏବଂ ସେମାନଙ୍କ ପୁନର୍ବାସ ପାଇଁ ବ୍ୟବସ୍ଥା କରାଯିବ । ବରିଷ୍ଠ ପୋଲିସ ଅଧିକାରୀ କହିଛନ୍ତି ଯେ ଗତ ବର୍ଷ ମଧ୍ୟରେ ଶହେରୁ ଅଧିକ ମାଓବାଦୀ ଆତ୍ମସମର୍ପଣ କରିଛନ୍ତି ।

ସୋମନା ଶାଙ୍କୁନ୍ତଙ୍କ ଜାମିନି ...

ଅଦାଲତ ୨୫ ହଜାର ଟଙ୍କାର ବଣ୍ଡ ଉପରେ ଜାମିନ ମଞ୍ଜୁର କରିଛନ୍ତି । ଅଭିଯୁକ୍ତଙ୍କୁ ପ୍ରତି ସପ୍ତାହରେ ଥାନାରେ ହାଜର ହେବାକୁ ନିର୍ଦ୍ଦେଶ ଦିଆଯାଇଛି ଏବଂ ଦେଶ ଛାଡ଼ି ନଯିବାକୁ କୁହାଯାଇଛି । ଅଦାଲତ କହିଛନ୍ତି ଯେ ତଦନ୍ତ ପ୍ରକ୍ରିୟାରେ ବାଧା ସୃଷ୍ଟି କଲେ ଜାମିନ ରଦ୍ଦ କରାଯିବ । ଅଭିଯୁକ୍ତଙ୍କ ଆଡ଼ଭୋକେଟ କହିଛନ୍ତି ଯେ ତାଙ୍କ ମକ୍କେଲ ନିର୍ଦ୍ଦୋଷ ଏବଂ ଅଦାଲତରେ ଏହା ପ୍ରମାଣିତ ହେବ । ଅଭିଯୋଗକାରୀ ପକ୍ଷ ଏହି ନିଷ୍ପତ୍ତି ବିରୋଧରେ ଉଚ୍ଚ ଅଦାଲତକୁ ଯିବେ ବୋଲି କହିଛନ୍ତି । ଏହି ମାମଲା ଗତ ବର୍ଷ ଦାଏର ହୋଇଥିଲା ଏବଂ ଏବେ ଚାର୍ଜଶିଟ ଦାଖଲ ହୋଇଛି ।
